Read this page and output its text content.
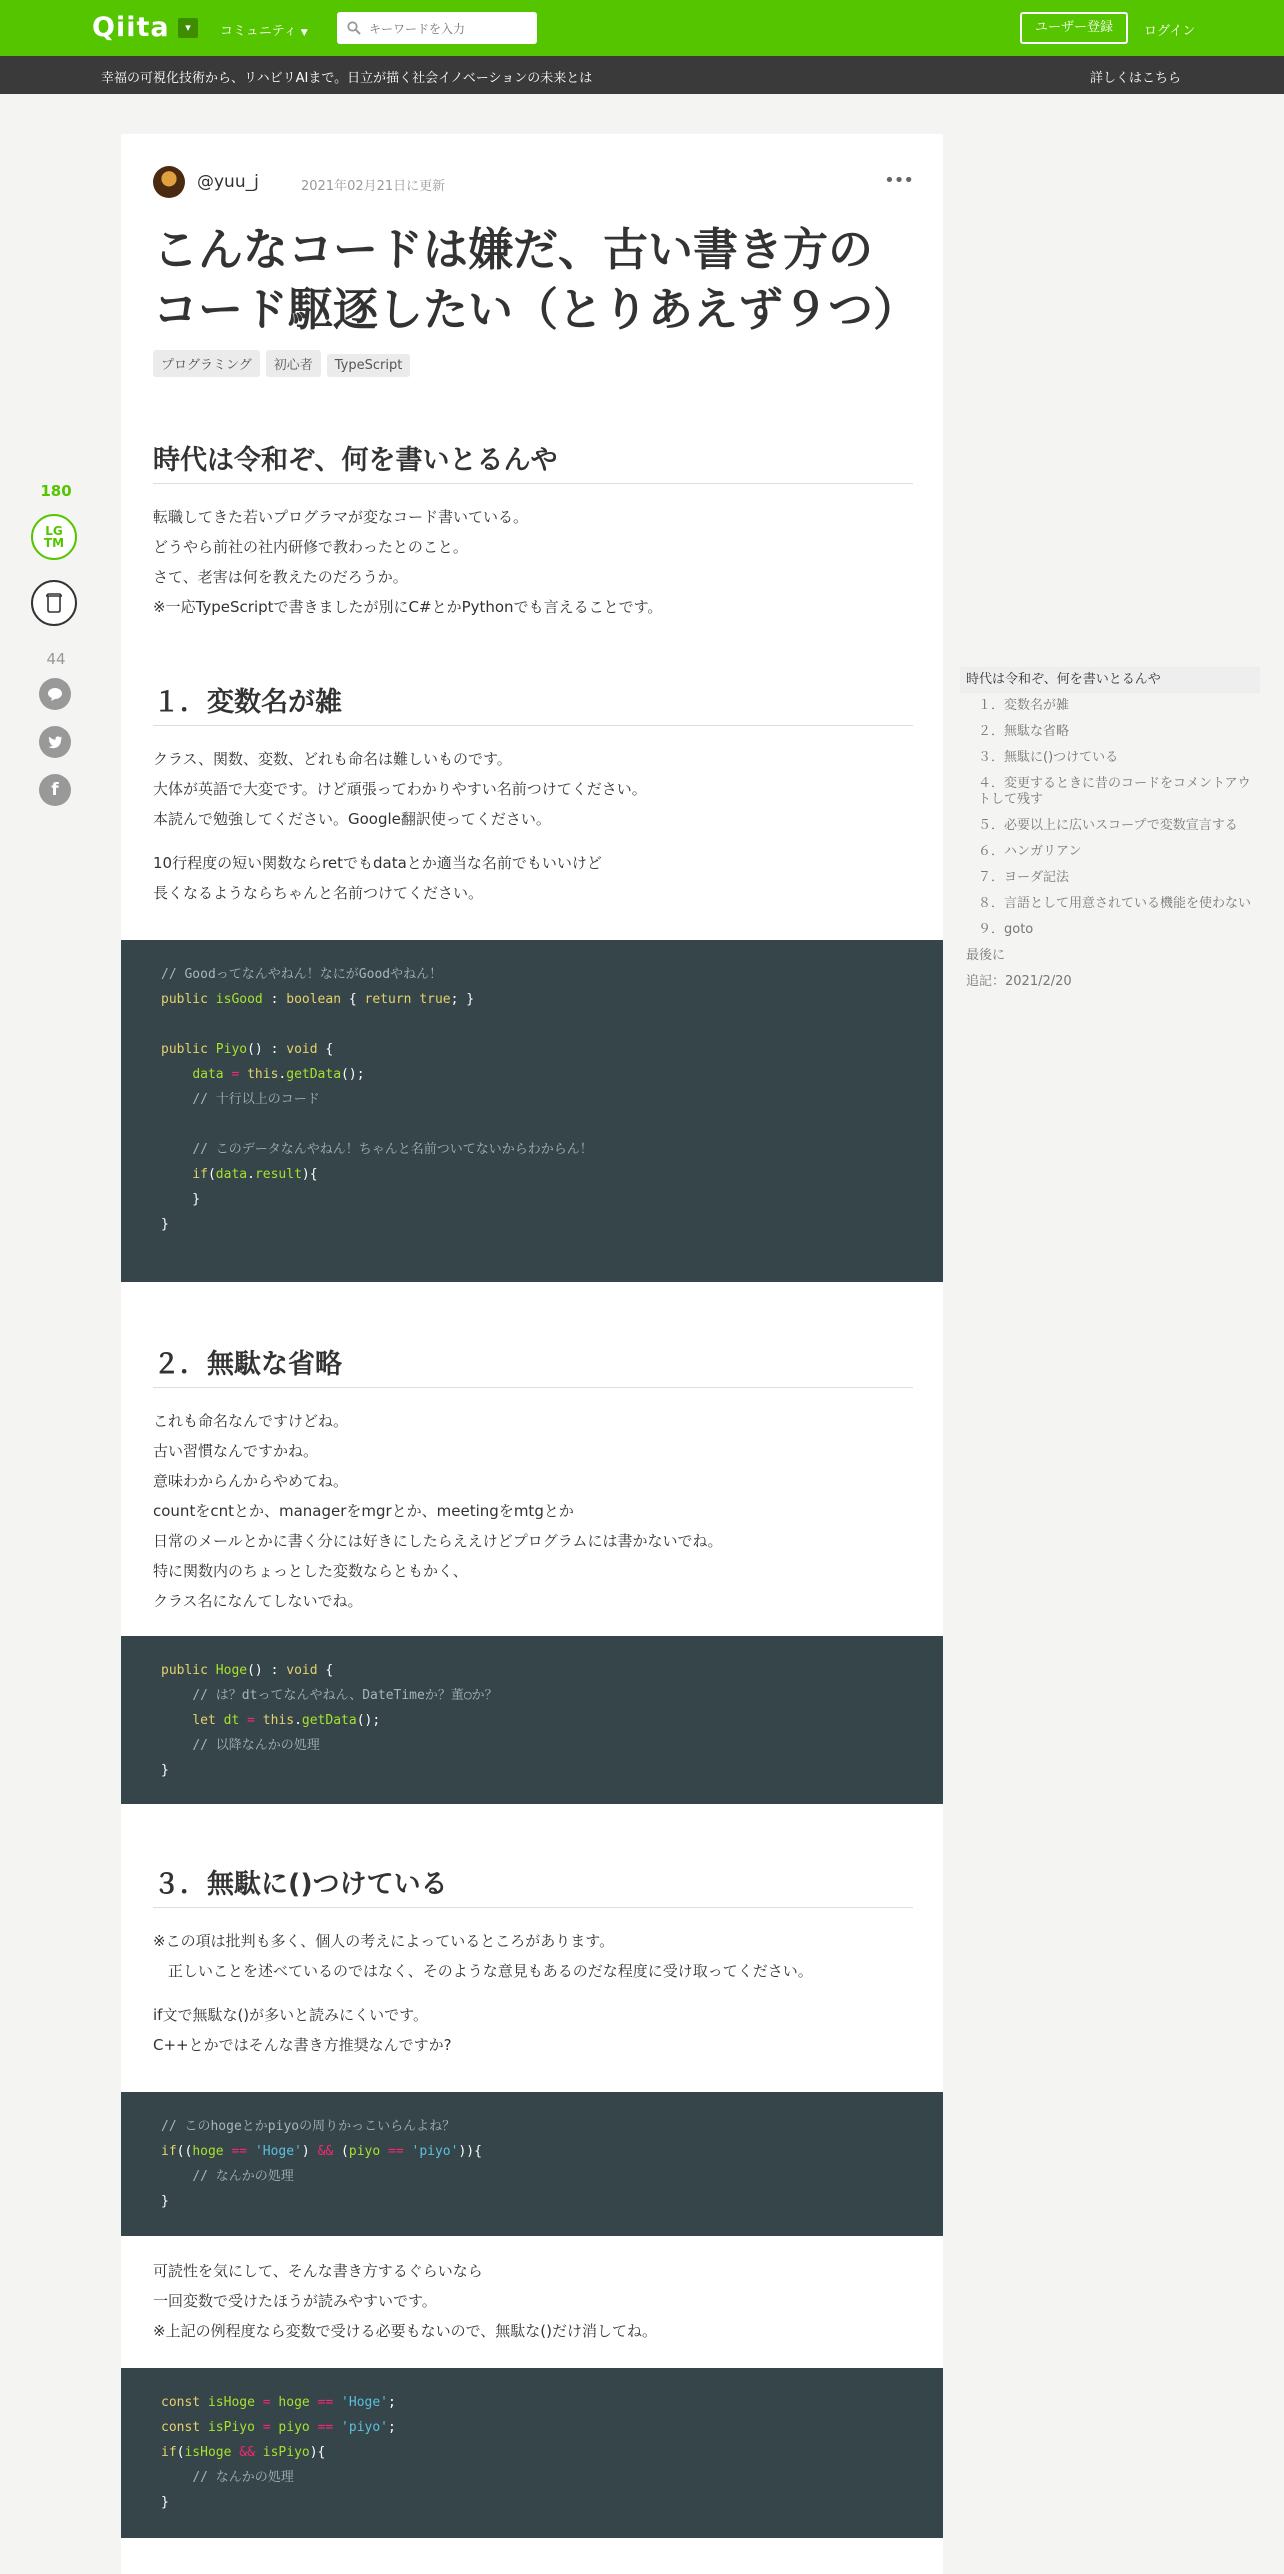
Qiita	▾	コミュニティ ▼
キーワードを入力	ユーザー登録	ログイン
幸福の可視化技術から、リハビリAIまで。日立が描く社会イノベーションの未来とは	詳しくはこちら
180
LG
TM
44
f
@yuu_j	2021年02月21日に更新	•••
こんなコードは嫌だ、古い書き方のコード駆逐したい（とりあえず９つ）
プログラミング 初心者 TypeScript
時代は令和ぞ、何を書いとるんや
転職してきた若いプログラマが変なコード書いている。
どうやら前社の社内研修で教わったとのこと。
さて、老害は何を教えたのだろうか。
※一応TypeScriptで書きましたが別にC#とかPythonでも言えることです。
１．変数名が雑
クラス、関数、変数、どれも命名は難しいものです。
大体が英語で大変です。けど頑張ってわかりやすい名前つけてください。
本読んで勉強してください。Google翻訳使ってください。
10行程度の短い関数ならretでもdataとか適当な名前でもいいけど
長くなるようならちゃんと名前つけてください。
// Goodってなんやねん！なにがGoodやねん！
public isGood : boolean { return true; }

public Piyo() : void {
data = this.getData();
// 十行以上のコード

// このデータなんやねん！ちゃんと名前ついてないからわからん！
if(data.result){
}
}
２．無駄な省略
これも命名なんですけどね。
古い習慣なんですかね。
意味わからんからやめてね。
countをcntとか、managerをmgrとか、meetingをmtgとか
日常のメールとかに書く分には好きにしたらええけどプログラムには書かないでね。
特に関数内のちょっとした変数ならともかく、
クラス名になんてしないでね。
public Hoge() : void {
// は？dtってなんやねん、DateTimeか？董○か？
let dt = this.getData();
// 以降なんかの処理
}
３．無駄に()つけている
※この項は批判も多く、個人の考えによっているところがあります。
　正しいことを述べているのではなく、そのような意見もあるのだな程度に受け取ってください。
if文で無駄な()が多いと読みにくいです。
C++とかではそんな書き方推奨なんですか?
// このhogeとかpiyoの周りかっこいらんよね？
if((hoge == 'Hoge') && (piyo == 'piyo')){
// なんかの処理
}
可読性を気にして、そんな書き方するぐらいなら
一回変数で受けたほうが読みやすいです。
※上記の例程度なら変数で受ける必要もないので、無駄な()だけ消してね。
const isHoge = hoge == 'Hoge';
const isPiyo = piyo == 'piyo';
if(isHoge && isPiyo){
// なんかの処理
}
時代は令和ぞ、何を書いとるんや
１．変数名が雑
２．無駄な省略
３．無駄に()つけている
４．変更するときに昔のコードをコメントアウトして残す
５．必要以上に広いスコープで変数宣言する
６．ハンガリアン
７．ヨーダ記法
８．言語として用意されている機能を使わない
９．goto
最後に
追記：2021/2/20
